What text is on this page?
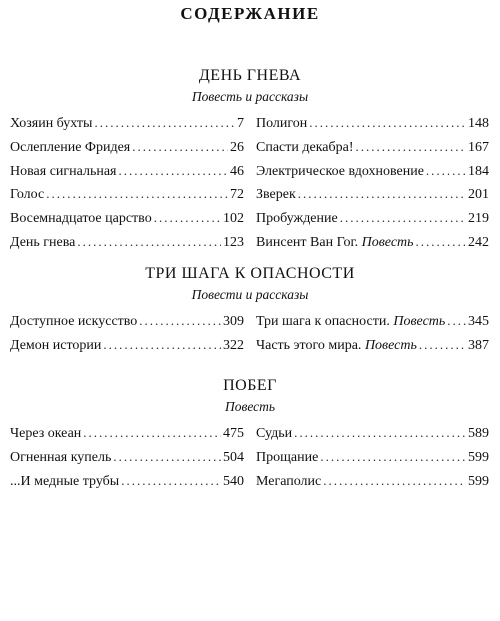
СОДЕРЖАНИЕ
ДЕНЬ ГНЕВА
Повесть и рассказы
Хозяин бухты .....	7
Ослепление Фридея .....	26
Новая сигнальная .....	46
Голос .....	72
Восемнадцатое царство .....	102
День гнева .....	123
Полигон .....	148
Спасти декабра! .....	167
Электрическое вдохновение .....	184
Зверек .....	201
Пробуждение .....	219
Винсент Ван Гог. Повесть .....	242
ТРИ ШАГА К ОПАСНОСТИ
Повести и рассказы
Доступное искусство .....	309
Демон истории .....	322
Три шага к опасности. Повесть ..... 345
Часть этого мира. Повесть .....	387
ПОБЕГ
Повесть
Через океан .....	475
Огненная купель .....	504
...И медные трубы .....	540
Судьи .....	589
Прощание .....	599
Мегаполис .....	599
